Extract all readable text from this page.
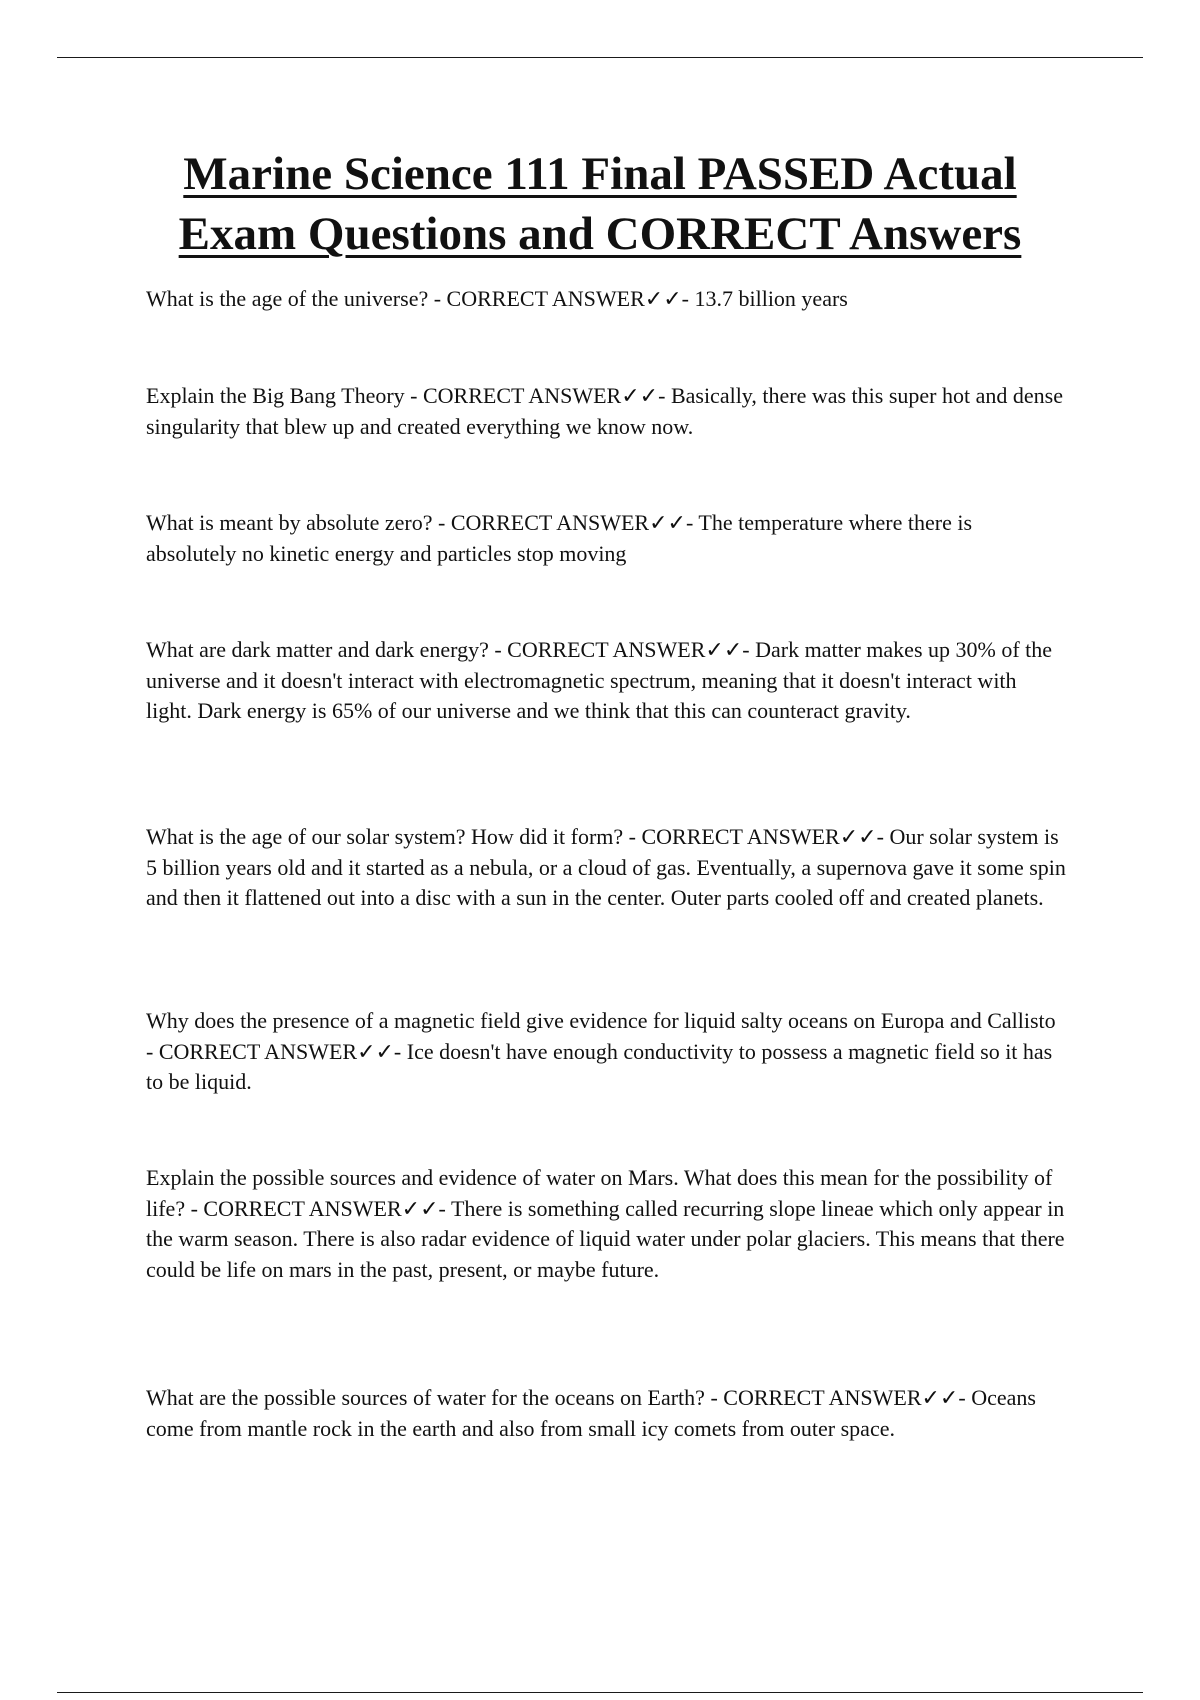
Marine Science 111 Final PASSED Actual
Exam Questions and CORRECT Answers

What is the age of the universe? - CORRECT ANSWER✓✓- 13.7 billion years

Explain the Big Bang Theory - CORRECT ANSWER✓✓- Basically, there was this super hot and dense singularity that blew up and created everything we know now.

What is meant by absolute zero? - CORRECT ANSWER✓✓- The temperature where there is absolutely no kinetic energy and particles stop moving

What are dark matter and dark energy? - CORRECT ANSWER✓✓- Dark matter makes up 30% of the universe and it doesn't interact with electromagnetic spectrum, meaning that it doesn't interact with light. Dark energy is 65% of our universe and we think that this can counteract gravity.

What is the age of our solar system? How did it form? - CORRECT ANSWER✓✓- Our solar system is 5 billion years old and it started as a nebula, or a cloud of gas. Eventually, a supernova gave it some spin and then it flattened out into a disc with a sun in the center. Outer parts cooled off and created planets.

Why does the presence of a magnetic field give evidence for liquid salty oceans on Europa and Callisto - CORRECT ANSWER✓✓- Ice doesn't have enough conductivity to possess a magnetic field so it has to be liquid.

Explain the possible sources and evidence of water on Mars. What does this mean for the possibility of life? - CORRECT ANSWER✓✓- There is something called recurring slope lineae which only appear in the warm season. There is also radar evidence of liquid water under polar glaciers. This means that there could be life on mars in the past, present, or maybe future.

What are the possible sources of water for the oceans on Earth? - CORRECT ANSWER✓✓- Oceans come from mantle rock in the earth and also from small icy comets from outer space.
